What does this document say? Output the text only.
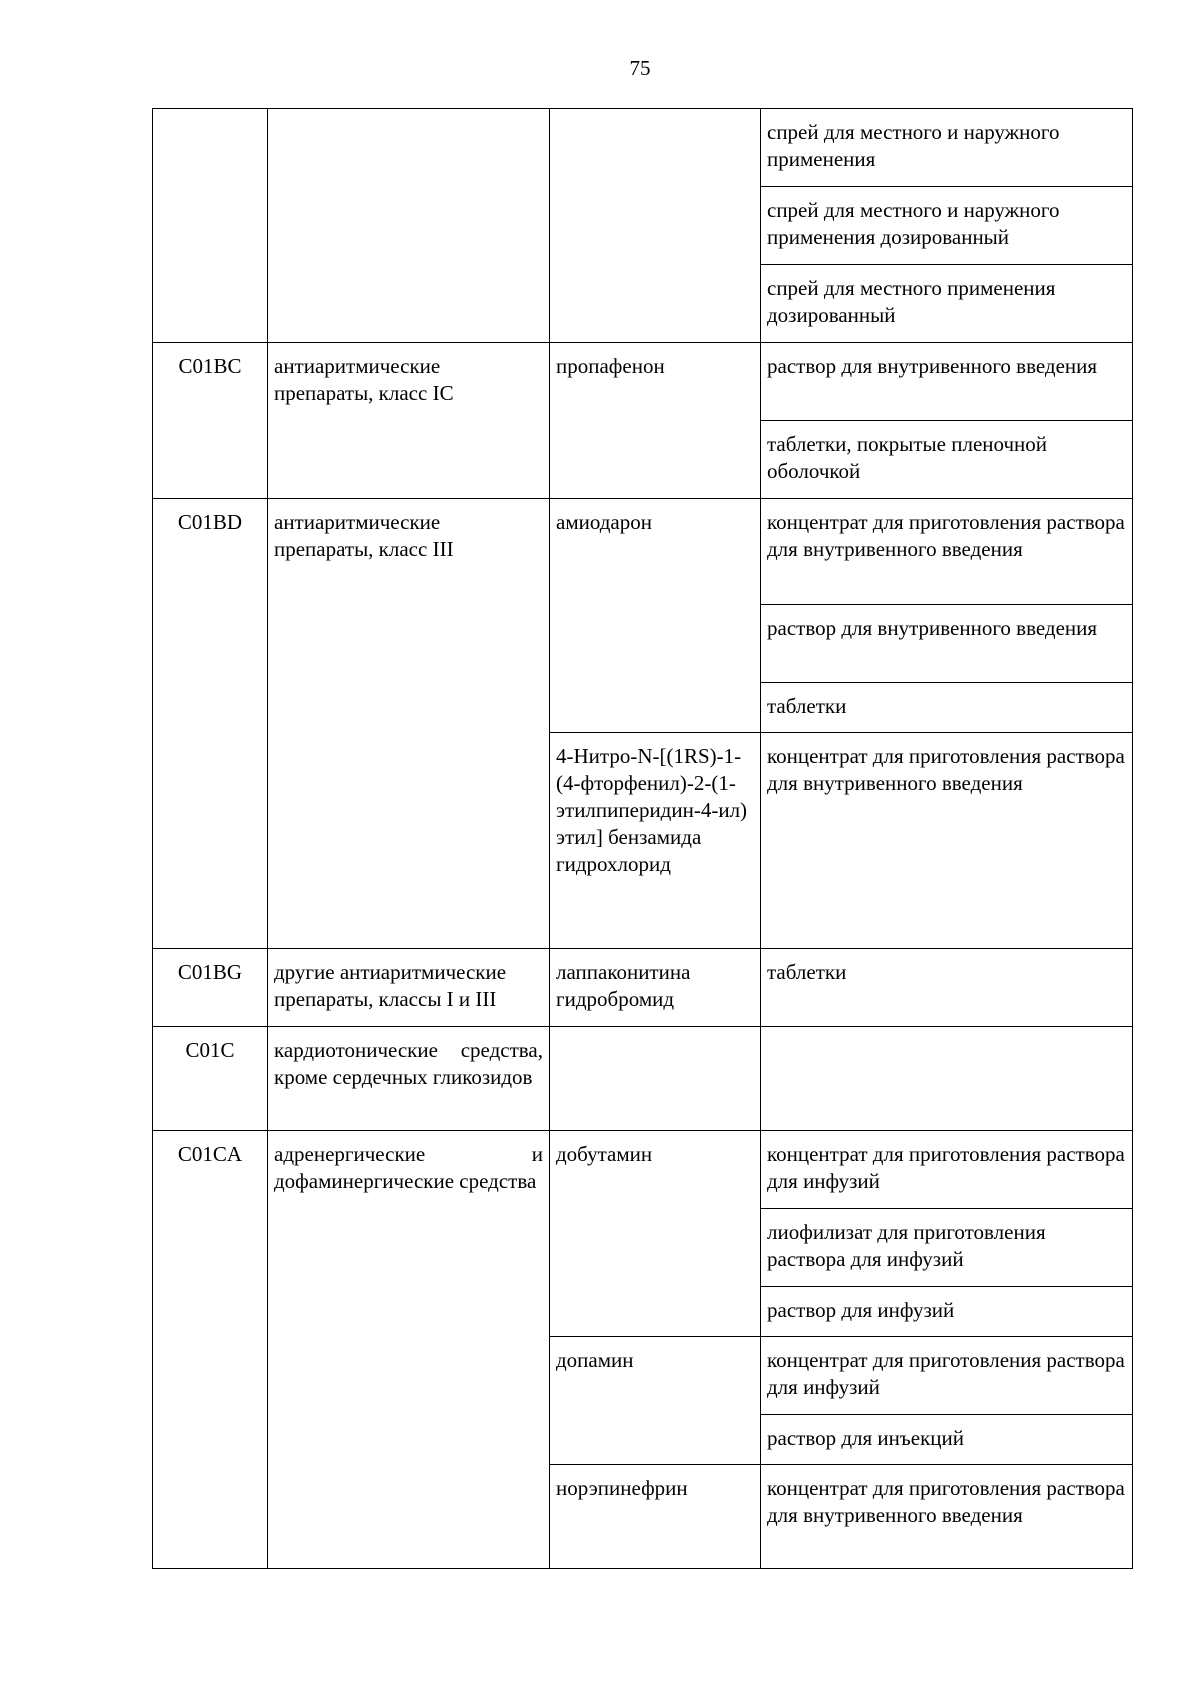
75
			спрей для местного и наружного применения
			спрей для местного и наружного применения дозированный
			спрей для местного применения дозированный
C01BC	антиаритмические препараты, класс IC	пропафенон	раствор для внутривенного введения
			таблетки, покрытые пленочной оболочкой
C01BD	антиаритмические препараты, класс III	амиодарон	концентрат для приготовления раствора для внутривенного введения
			раствор для внутривенного введения
			таблетки
		4-Нитро-N-[(1RS)-1-(4-фторфенил)-2-(1-этилпиперидин-4-ил) этил] бензамида гидрохлорид	концентрат для приготовления раствора для внутривенного введения
C01BG	другие антиаритмические препараты, классы I и III	лаппаконитина гидробромид	таблетки
C01C	кардиотонические средства, кроме сердечных гликозидов		
C01CA	адренергические и дофаминергические средства	добутамин	концентрат для приготовления раствора для инфузий
			лиофилизат для приготовления раствора для инфузий
			раствор для инфузий
		допамин	концентрат для приготовления раствора для инфузий
			раствор для инъекций
		норэпинефрин	концентрат для приготовления раствора для внутривенного введения
